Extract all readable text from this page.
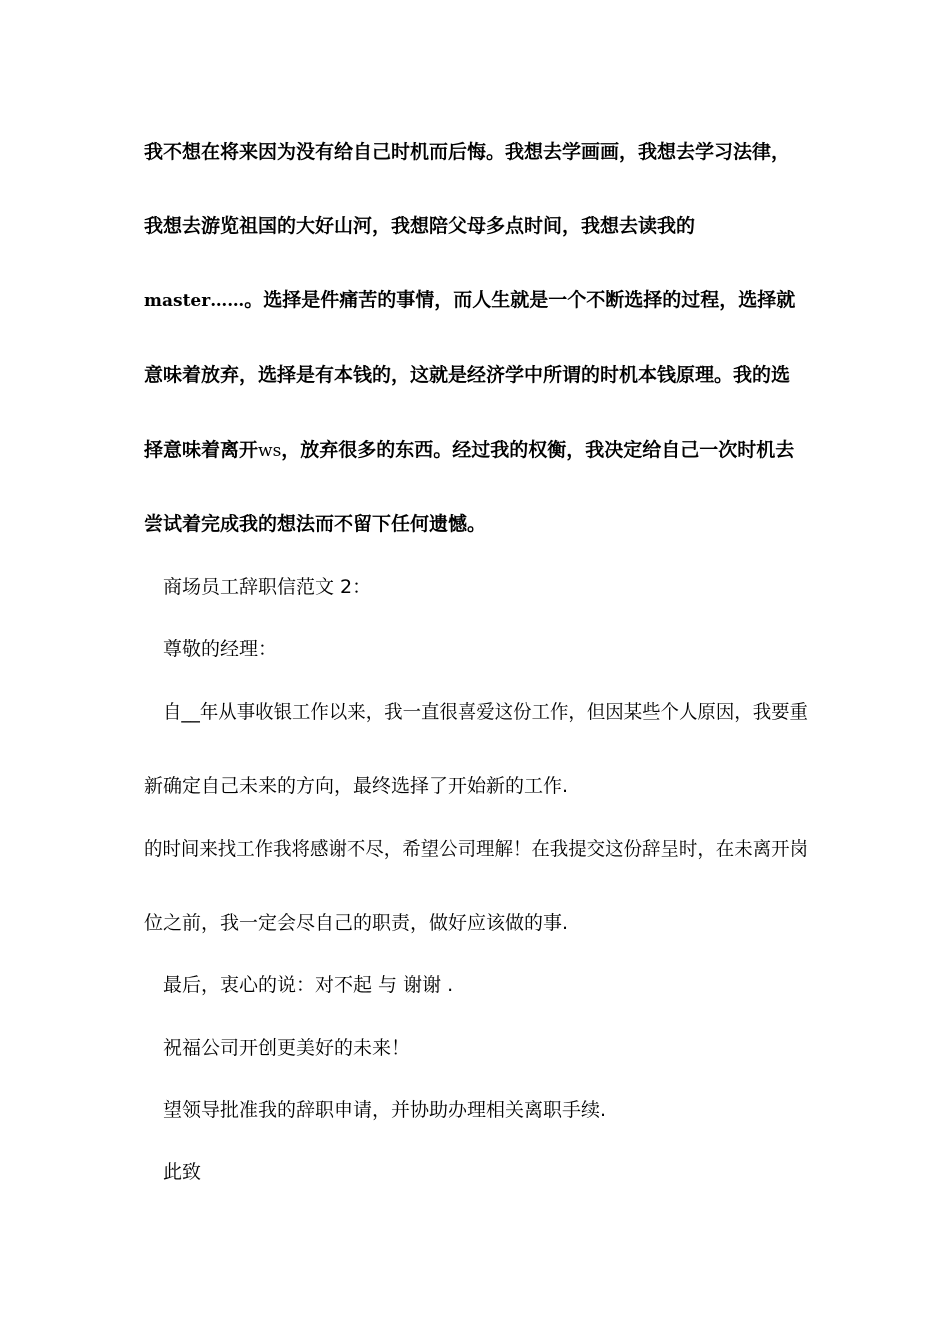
我不想在将来因为没有给自己时机而后悔。我想去学画画，我想去学习法律，
我想去游览祖国的大好山河，我想陪父母多点时间，我想去读我的
master……。选择是件痛苦的事情，而人生就是一个不断选择的过程，选择就
意味着放弃，选择是有本钱的，这就是经济学中所谓的时机本钱原理。我的选
择意味着离开ws，放弃很多的东西。经过我的权衡，我决定给自己一次时机去
尝试着完成我的想法而不留下任何遗憾。
商场员工辞职信范文 2：
尊敬的经理：
自__年从事收银工作以来，我一直很喜爱这份工作，但因某些个人原因，我要重
新确定自己未来的方向，最终选择了开始新的工作.
的时间来找工作我将感谢不尽，希望公司理解！在我提交这份辞呈时，在未离开岗
位之前，我一定会尽自己的职责，做好应该做的事.
最后，衷心的说：对不起 与 谢谢 .
祝福公司开创更美好的未来！
望领导批准我的辞职申请，并协助办理相关离职手续.
此致
